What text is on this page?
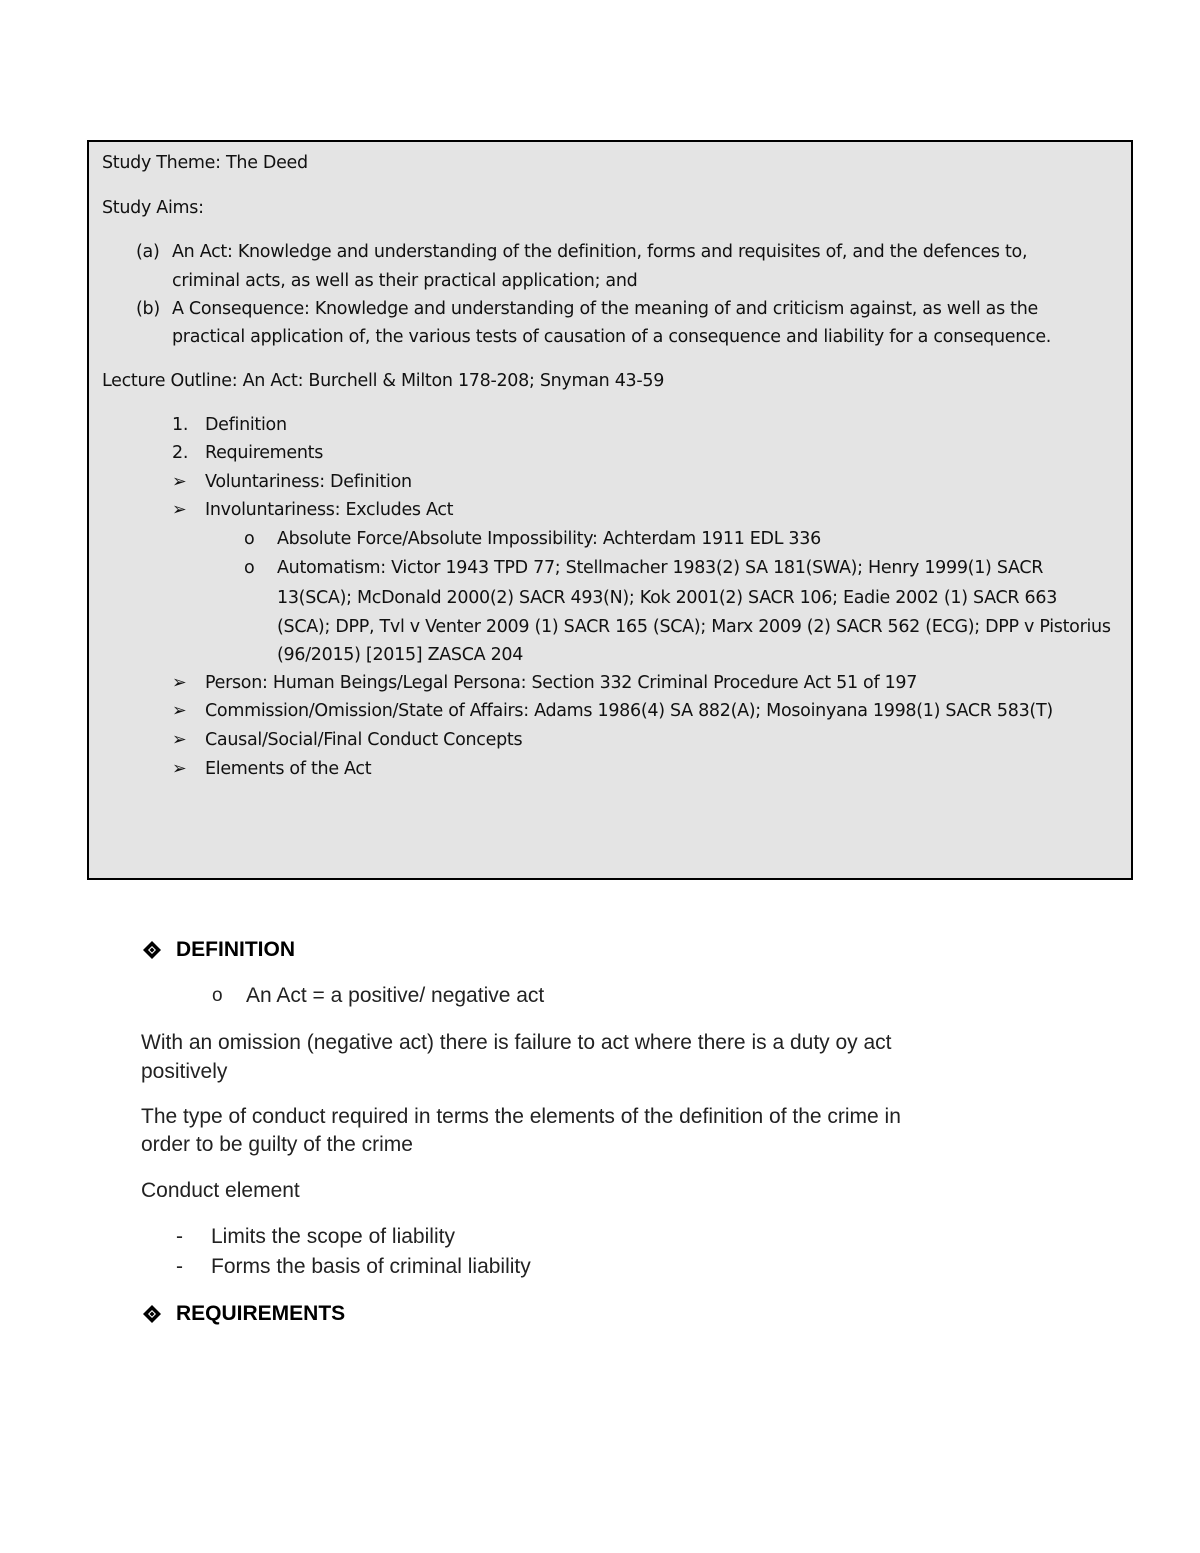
Study Theme: The Deed
Study Aims:
(a) An Act: Knowledge and understanding of the definition, forms and requisites of, and the defences to,
criminal acts, as well as their practical application; and
(b) A Consequence: Knowledge and understanding of the meaning of and criticism against, as well as the
practical application of, the various tests of causation of a consequence and liability for a consequence.
Lecture Outline: An Act: Burchell & Milton 178-208; Snyman 43-59
1. Definition
2. Requirements
➢ Voluntariness: Definition
➢ Involuntariness: Excludes Act
o Absolute Force/Absolute Impossibility: Achterdam 1911 EDL 336
o Automatism: Victor 1943 TPD 77; Stellmacher 1983(2) SA 181(SWA); Henry 1999(1) SACR
13(SCA); McDonald 2000(2) SACR 493(N); Kok 2001(2) SACR 106; Eadie 2002 (1) SACR 663
(SCA); DPP, Tvl v Venter 2009 (1) SACR 165 (SCA); Marx 2009 (2) SACR 562 (ECG); DPP v Pistorius
(96/2015) [2015] ZASCA 204
➢ Person: Human Beings/Legal Persona: Section 332 Criminal Procedure Act 51 of 197
➢ Commission/Omission/State of Affairs: Adams 1986(4) SA 882(A); Mosoinyana 1998(1) SACR 583(T)
➢ Causal/Social/Final Conduct Concepts
➢ Elements of the Act
DEFINITION
o An Act = a positive/ negative act
With an omission (negative act) there is failure to act where there is a duty oy act
positively
The type of conduct required in terms the elements of the definition of the crime in
order to be guilty of the crime
Conduct element
- Limits the scope of liability
- Forms the basis of criminal liability
REQUIREMENTS
